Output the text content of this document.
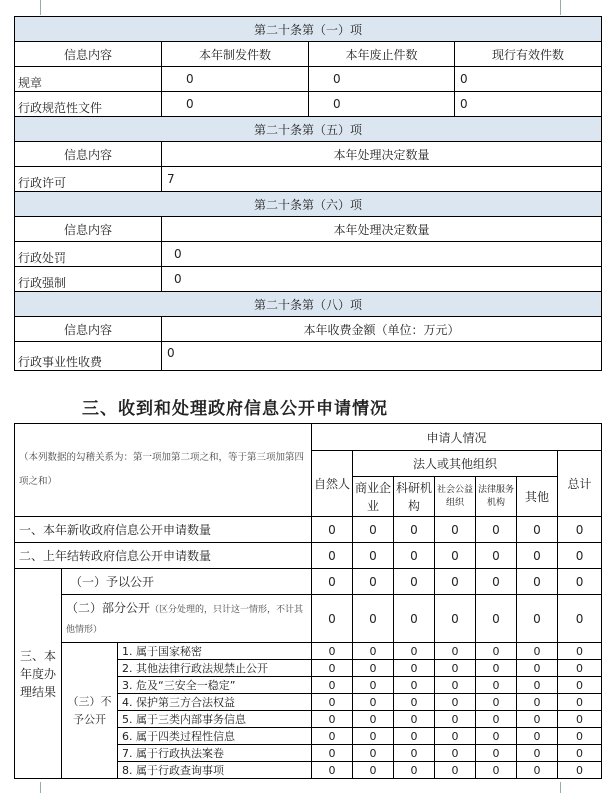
第二十条第（一）项			
信息内容	本年制发件数	本年废止件数	现行有效件数
规章	0	0	0
行政规范性文件	0	0	0
第二十条第（五）项			
信息内容	本年处理决定数量		
行政许可	7		
第二十条第（六）项			
信息内容	本年处理决定数量		
行政处罚	0		
行政强制	0		
第二十条第（八）项			
信息内容	本年收费金额（单位：万元）		
行政事业性收费	0		
三、收到和处理政府信息公开申请情况
（本列数据的勾稽关系为：第一项加第二项之和，等于第三项加第四项之和）			申请人情况						
			自然人	法人或其他组织					总计
				商业企业	科研机构	社会公益组织	法律服务机构	其他	
一、本年新收政府信息公开申请数量			0	0	0	0	0	0	0
二、上年结转政府信息公开申请数量			0	0	0	0	0	0	0
三、本年度办理结果	（一）予以公开		0	0	0	0	0	0	0
	（二）部分公开（区分处理的，只计这一情形，不计其他情形）		0	0	0	0	0	0	0
	（三）不予公开	1. 属于国家秘密	0	0	0	0	0	0	0
		2. 其他法律行政法规禁止公开	0	0	0	0	0	0	0
		3. 危及“三安全一稳定”	0	0	0	0	0	0	0
		4. 保护第三方合法权益	0	0	0	0	0	0	0
		5. 属于三类内部事务信息	0	0	0	0	0	0	0
		6. 属于四类过程性信息	0	0	0	0	0	0	0
		7. 属于行政执法案卷	0	0	0	0	0	0	0
		8. 属于行政查询事项	0	0	0	0	0	0	0
